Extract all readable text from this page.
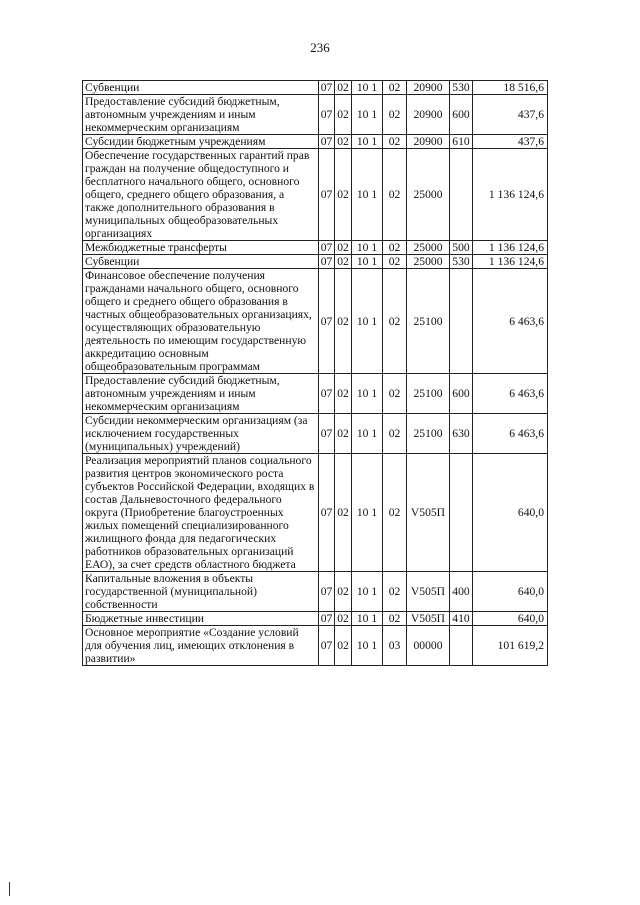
236
Субвенции	07	02	10 1	02	20900	530	18 516,6
Предоставление субсидий бюджетным, автономным учреждениям и иным некоммерческим организациям	07	02	10 1	02	20900	600	437,6
Субсидии бюджетным учреждениям	07	02	10 1	02	20900	610	437,6
Обеспечение государственных гарантий прав граждан на получение общедоступного и бесплатного начального общего, основного общего, среднего общего образования, а также дополнительного образования в муниципальных общеобразовательных организациях	07	02	10 1	02	25000		1 136 124,6
Межбюджетные трансферты	07	02	10 1	02	25000	500	1 136 124,6
Субвенции	07	02	10 1	02	25000	530	1 136 124,6
Финансовое обеспечение получения гражданами начального общего, основного общего и среднего общего образования в частных общеобразовательных организациях, осуществляющих образовательную деятельность по имеющим государственную аккредитацию основным общеобразовательным программам	07	02	10 1	02	25100		6 463,6
Предоставление субсидий бюджетным, автономным учреждениям и иным некоммерческим организациям	07	02	10 1	02	25100	600	6 463,6
Субсидии некоммерческим организациям (за исключением государственных (муниципальных) учреждений)	07	02	10 1	02	25100	630	6 463,6
Реализация мероприятий планов социального развития центров экономического роста субъектов Российской Федерации, входящих в состав Дальневосточного федерального округа (Приобретение благоустроенных жилых помещений специализированного жилищного фонда для педагогических работников образовательных организаций ЕАО), за счет средств областного бюджета	07	02	10 1	02	V505П		640,0
Капитальные вложения в объекты государственной (муниципальной) собственности	07	02	10 1	02	V505П	400	640,0
Бюджетные инвестиции	07	02	10 1	02	V505П	410	640,0
Основное мероприятие «Создание условий для обучения лиц, имеющих отклонения в развитии»	07	02	10 1	03	00000		101 619,2
